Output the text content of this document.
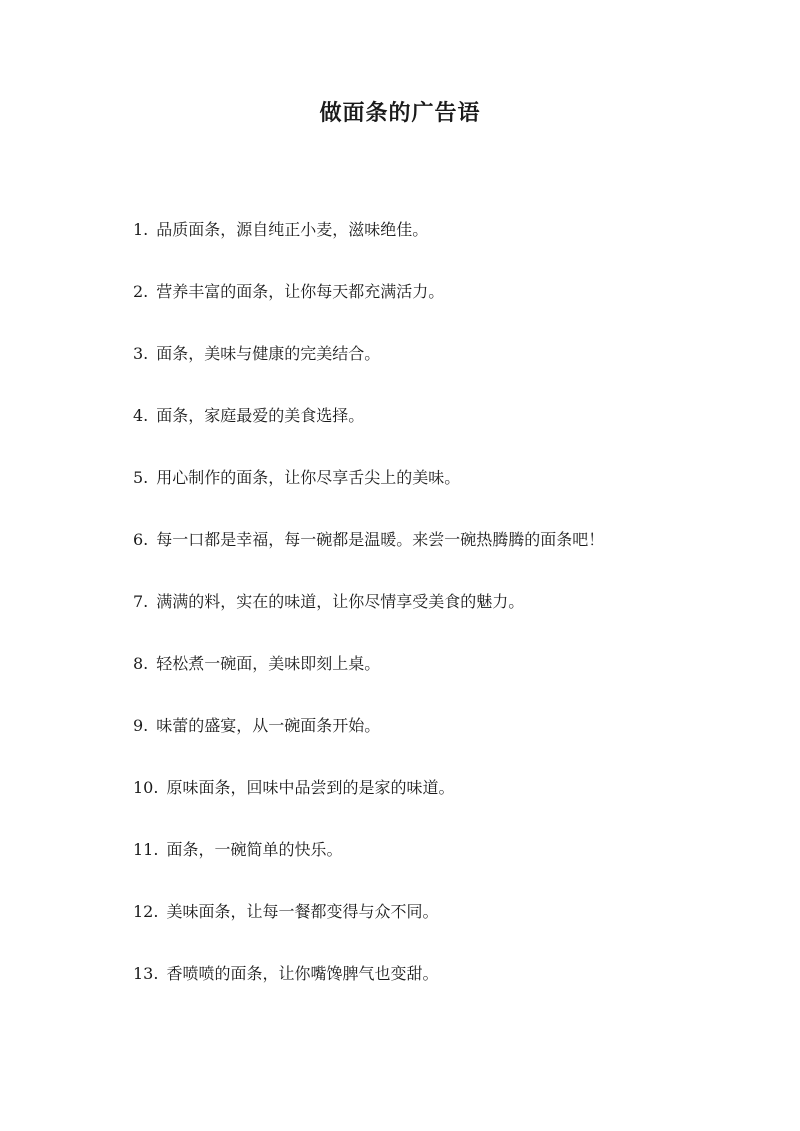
做面条的广告语
1. 品质面条，源自纯正小麦，滋味绝佳。
2. 营养丰富的面条，让你每天都充满活力。
3. 面条，美味与健康的完美结合。
4. 面条，家庭最爱的美食选择。
5. 用心制作的面条，让你尽享舌尖上的美味。
6. 每一口都是幸福，每一碗都是温暖。来尝一碗热腾腾的面条吧！
7. 满满的料，实在的味道，让你尽情享受美食的魅力。
8. 轻松煮一碗面，美味即刻上桌。
9. 味蕾的盛宴，从一碗面条开始。
10. 原味面条，回味中品尝到的是家的味道。
11. 面条，一碗简单的快乐。
12. 美味面条，让每一餐都变得与众不同。
13. 香喷喷的面条，让你嘴馋脾气也变甜。
